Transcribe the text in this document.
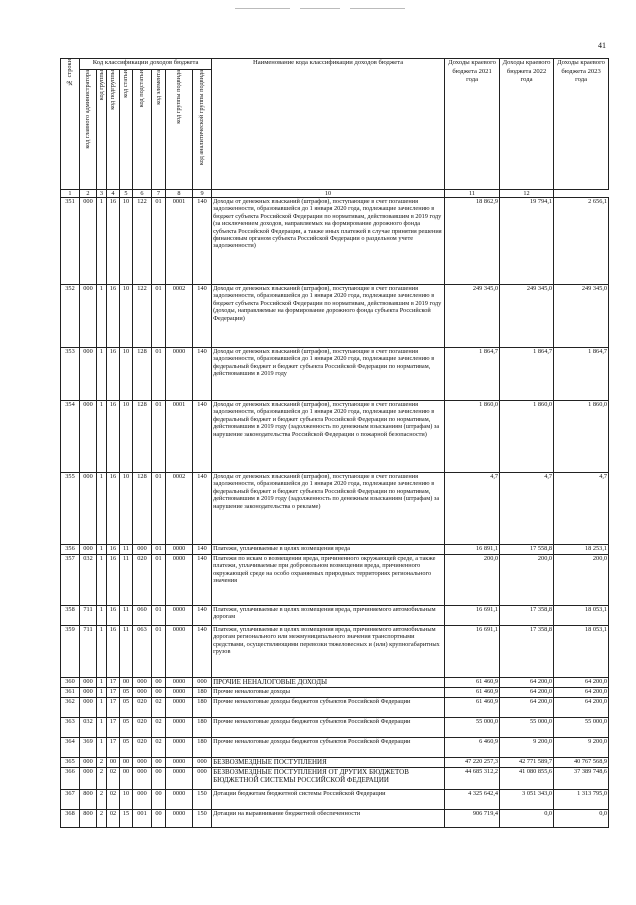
41
№ строки	Код классификации доходов бюджета								Наименование кода классификации доходов бюджета	Доходы краевого бюджета 2021 года	Доходы краевого бюджета 2022 года	Доходы краевого бюджета 2023 года
	код главного администратора	код группы	код подгруппы	код статьи	код подстатьи	код элемента	код группы подвида	код аналитической группы подвида				
1	2	3	4	5	6	7	8	9	10	11	12	
351	000	1	16	10	122	01	0001	140	Доходы от денежных взысканий (штрафов), поступающие в счет погашения задолженности, образовавшейся до 1 января 2020 года, подлежащие зачислению в бюджет субъекта Российской Федерации по нормативам, действовавшим в 2019 году (за исключением доходов, направляемых на формирование дорожного фонда субъекта Российской Федерации, а также иных платежей в случае принятия решения финансовым органом субъекта Российской Федерации о раздельном учете задолженности)	18 862,9	19 794,1	2 656,1
352	000	1	16	10	122	01	0002	140	Доходы от денежных взысканий (штрафов), поступающие в счет погашения задолженности, образовавшейся до 1 января 2020 года, подлежащие зачислению в бюджет субъекта Российской Федерации по нормативам, действовавшим в 2019 году (доходы, направляемые на формирование дорожного фонда субъекта Российской Федерации)	249 345,0	249 345,0	249 345,0
353	000	1	16	10	128	01	0000	140	Доходы от денежных взысканий (штрафов), поступающие в счет погашения задолженности, образовавшейся до 1 января 2020 года, подлежащие зачислению в федеральный бюджет и бюджет субъекта Российской Федерации по нормативам, действовавшим в 2019 году	1 864,7	1 864,7	1 864,7
354	000	1	16	10	128	01	0001	140	Доходы от денежных взысканий (штрафов), поступающие в счет погашения задолженности, образовавшейся до 1 января 2020 года, подлежащие зачислению в федеральный бюджет и бюджет субъекта Российской Федерации по нормативам, действовавшим в 2019 году (задолженность по денежным взысканиям (штрафам) за нарушение законодательства Российской Федерации о пожарной безопасности)	1 860,0	1 860,0	1 860,0
355	000	1	16	10	128	01	0002	140	Доходы от денежных взысканий (штрафов), поступающие в счет погашения задолженности, образовавшейся до 1 января 2020 года, подлежащие зачислению в федеральный бюджет и бюджет субъекта Российской Федерации по нормативам, действовавшим в 2019 году (задолженность по денежным взысканиям (штрафам) за нарушение законодательства о рекламе)	4,7	4,7	4,7
356	000	1	16	11	000	01	0000	140	Платежи, уплачиваемые в целях возмещения вреда	16 891,1	17 558,8	18 253,1
357	032	1	16	11	020	01	0000	140	Платежи по искам о возмещении вреда, причиненного окружающей среде, а также платежи, уплачиваемые при добровольном возмещении вреда, причиненного окружающей среде на особо охраняемых природных территориях регионального значения	200,0	200,0	200,0
358	711	1	16	11	060	01	0000	140	Платежи, уплачиваемые в целях возмещения вреда, причиняемого автомобильным дорогам	16 691,1	17 358,8	18 053,1
359	711	1	16	11	063	01	0000	140	Платежи, уплачиваемые в целях возмещения вреда, причиняемого автомобильным дорогам регионального или межмуниципального значения транспортными средствами, осуществляющими перевозки тяжеловесных и (или) крупногабаритных грузов	16 691,1	17 358,8	18 053,1
360	000	1	17	00	000	00	0000	000	ПРОЧИЕ НЕНАЛОГОВЫЕ ДОХОДЫ	61 460,9	64 200,0	64 200,0
361	000	1	17	05	000	00	0000	180	Прочие неналоговые доходы	61 460,9	64 200,0	64 200,0
362	000	1	17	05	020	02	0000	180	Прочие неналоговые доходы бюджетов субъектов Российской Федерации	61 460,9	64 200,0	64 200,0
363	032	1	17	05	020	02	0000	180	Прочие неналоговые доходы бюджетов субъектов Российской Федерации	55 000,0	55 000,0	55 000,0
364	369	1	17	05	020	02	0000	180	Прочие неналоговые доходы бюджетов субъектов Российской Федерации	6 460,9	9 200,0	9 200,0
365	000	2	00	00	000	00	0000	000	БЕЗВОЗМЕЗДНЫЕ ПОСТУПЛЕНИЯ	47 220 257,3	42 771 589,7	40 767 568,9
366	000	2	02	00	000	00	0000	000	БЕЗВОЗМЕЗДНЫЕ ПОСТУПЛЕНИЯ ОТ ДРУГИХ БЮДЖЕТОВ БЮДЖЕТНОЙ СИСТЕМЫ РОССИЙСКОЙ ФЕДЕРАЦИИ	44 685 312,2	41 080 855,6	37 389 748,6
367	800	2	02	10	000	00	0000	150	Дотации бюджетам бюджетной системы Российской Федерации	4 325 642,4	3 051 343,0	1 313 795,0
368	800	2	02	15	001	00	0000	150	Дотации на выравнивание бюджетной обеспеченности	906 719,4	0,0	0,0
